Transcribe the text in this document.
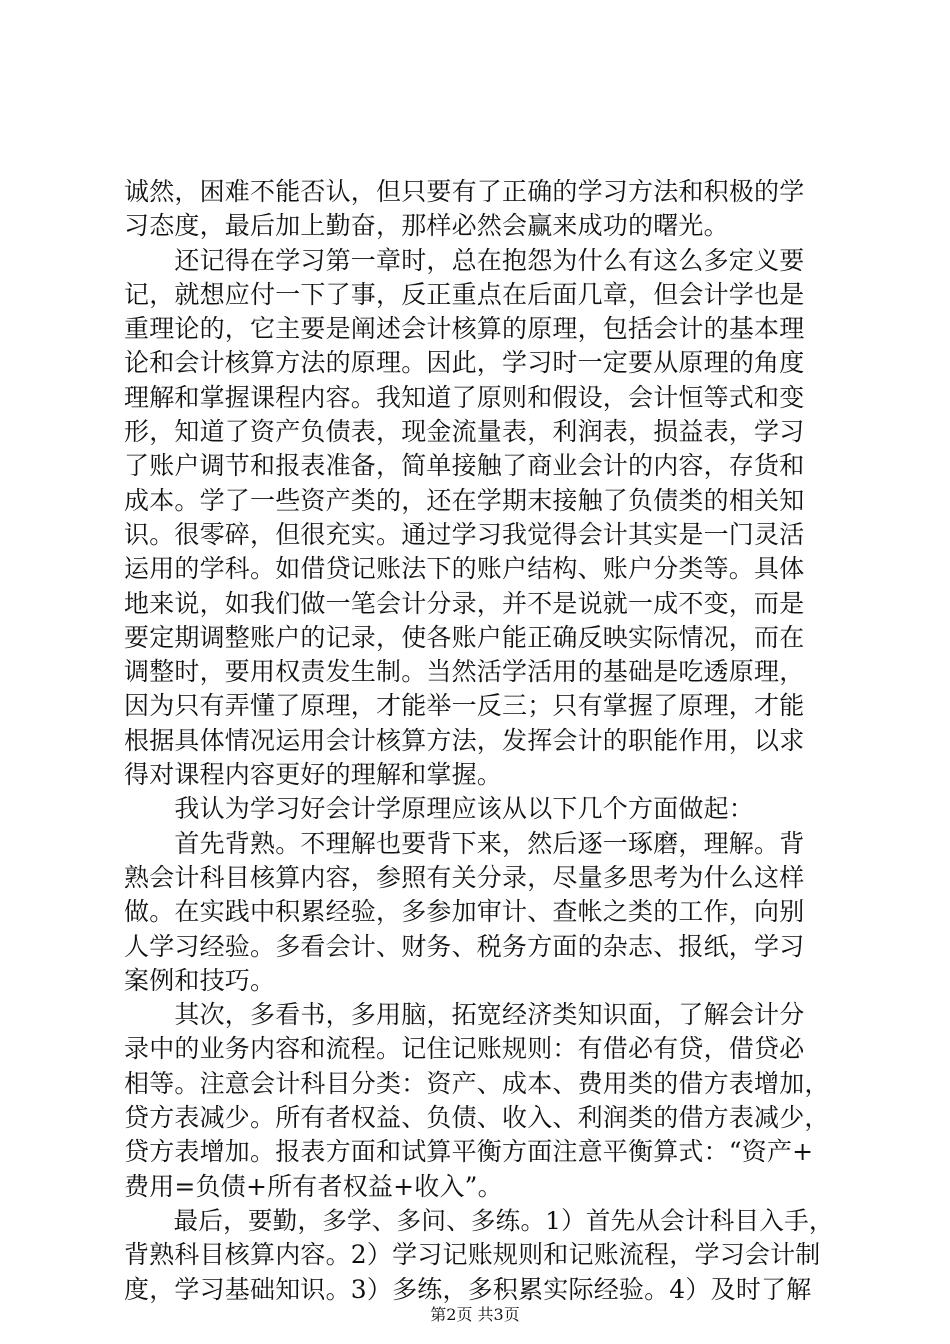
诚然，困难不能否认，但只要有了正确的学习方法和积极的学
习态度，最后加上勤奋，那样必然会赢来成功的曙光。
　　还记得在学习第一章时，总在抱怨为什么有这么多定义要
记，就想应付一下了事，反正重点在后面几章，但会计学也是
重理论的，它主要是阐述会计核算的原理，包括会计的基本理
论和会计核算方法的原理。因此，学习时一定要从原理的角度
理解和掌握课程内容。我知道了原则和假设，会计恒等式和变
形，知道了资产负债表，现金流量表，利润表，损益表，学习
了账户调节和报表准备，简单接触了商业会计的内容，存货和
成本。学了一些资产类的，还在学期末接触了负债类的相关知
识。很零碎，但很充实。通过学习我觉得会计其实是一门灵活
运用的学科。如借贷记账法下的账户结构、账户分类等。具体
地来说，如我们做一笔会计分录，并不是说就一成不变，而是
要定期调整账户的记录，使各账户能正确反映实际情况，而在
调整时，要用权责发生制。当然活学活用的基础是吃透原理，
因为只有弄懂了原理，才能举一反三；只有掌握了原理，才能
根据具体情况运用会计核算方法，发挥会计的职能作用，以求
得对课程内容更好的理解和掌握。
　　我认为学习好会计学原理应该从以下几个方面做起：
　　首先背熟。不理解也要背下来，然后逐一琢磨，理解。背
熟会计科目核算内容，参照有关分录，尽量多思考为什么这样
做。在实践中积累经验，多参加审计、查帐之类的工作，向别
人学习经验。多看会计、财务、税务方面的杂志、报纸，学习
案例和技巧。
　　其次，多看书，多用脑，拓宽经济类知识面，了解会计分
录中的业务内容和流程。记住记账规则：有借必有贷，借贷必
相等。注意会计科目分类：资产、成本、费用类的借方表增加，
贷方表减少。所有者权益、负债、收入、利润类的借方表减少，
贷方表增加。报表方面和试算平衡方面注意平衡算式：“资产+
费用=负债+所有者权益+收入”。
　　最后，要勤，多学、多问、多练。1）首先从会计科目入手，
背熟科目核算内容。2）学习记账规则和记账流程，学习会计制
度，学习基础知识。3）多练，多积累实际经验。4）及时了解
第2页 共3页
